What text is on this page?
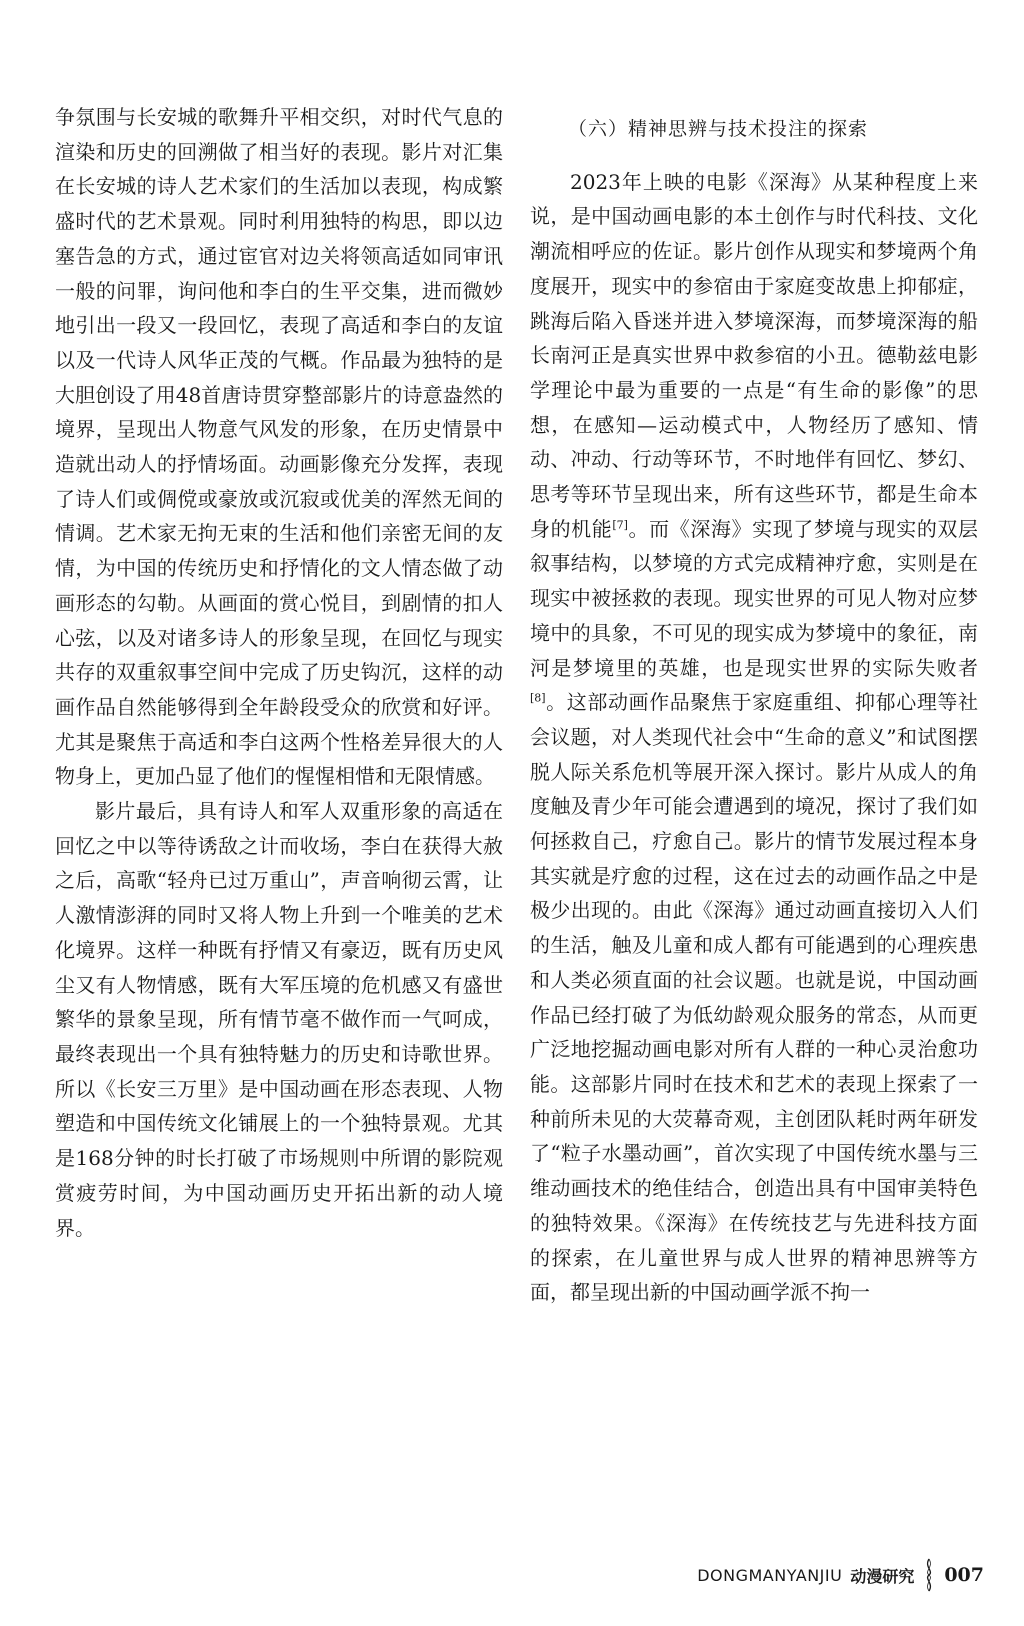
争氛围与长安城的歌舞升平相交织，对时代气息的渲染和历史的回溯做了相当好的表现。影片对汇集在长安城的诗人艺术家们的生活加以表现，构成繁盛时代的艺术景观。同时利用独特的构思，即以边塞告急的方式，通过宦官对边关将领高适如同审讯一般的问罪，询问他和李白的生平交集，进而微妙地引出一段又一段回忆，表现了高适和李白的友谊以及一代诗人风华正茂的气概。作品最为独特的是大胆创设了用48首唐诗贯穿整部影片的诗意盎然的境界，呈现出人物意气风发的形象，在历史情景中造就出动人的抒情场面。动画影像充分发挥，表现了诗人们或倜傥或豪放或沉寂或优美的浑然无间的情调。艺术家无拘无束的生活和他们亲密无间的友情，为中国的传统历史和抒情化的文人情态做了动画形态的勾勒。从画面的赏心悦目，到剧情的扣人心弦，以及对诸多诗人的形象呈现，在回忆与现实共存的双重叙事空间中完成了历史钩沉，这样的动画作品自然能够得到全年龄段受众的欣赏和好评。尤其是聚焦于高适和李白这两个性格差异很大的人物身上，更加凸显了他们的惺惺相惜和无限情感。

影片最后，具有诗人和军人双重形象的高适在回忆之中以等待诱敌之计而收场，李白在获得大赦之后，高歌“轻舟已过万重山”，声音响彻云霄，让人激情澎湃的同时又将人物上升到一个唯美的艺术化境界。这样一种既有抒情又有豪迈，既有历史风尘又有人物情感，既有大军压境的危机感又有盛世繁华的景象呈现，所有情节毫不做作而一气呵成，最终表现出一个具有独特魅力的历史和诗歌世界。所以《长安三万里》是中国动画在形态表现、人物塑造和中国传统文化铺展上的一个独特景观。尤其是168分钟的时长打破了市场规则中所谓的影院观赏疲劳时间，为中国动画历史开拓出新的动人境界。

（六）精神思辨与技术投注的探索

2023年上映的电影《深海》从某种程度上来说，是中国动画电影的本土创作与时代科技、文化潮流相呼应的佐证。影片创作从现实和梦境两个角度展开，现实中的参宿由于家庭变故患上抑郁症，跳海后陷入昏迷并进入梦境深海，而梦境深海的船长南河正是真实世界中救参宿的小丑。德勒兹电影学理论中最为重要的一点是“有生命的影像”的思想，在感知—运动模式中，人物经历了感知、情动、冲动、行动等环节，不时地伴有回忆、梦幻、思考等环节呈现出来，所有这些环节，都是生命本身的机能[7]。而《深海》实现了梦境与现实的双层叙事结构，以梦境的方式完成精神疗愈，实则是在现实中被拯救的表现。现实世界的可见人物对应梦境中的具象，不可见的现实成为梦境中的象征，南河是梦境里的英雄，也是现实世界的实际失败者[8]。这部动画作品聚焦于家庭重组、抑郁心理等社会议题，对人类现代社会中“生命的意义”和试图摆脱人际关系危机等展开深入探讨。影片从成人的角度触及青少年可能会遭遇到的境况，探讨了我们如何拯救自己，疗愈自己。影片的情节发展过程本身其实就是疗愈的过程，这在过去的动画作品之中是极少出现的。由此《深海》通过动画直接切入人们的生活，触及儿童和成人都有可能遇到的心理疾患和人类必须直面的社会议题。也就是说，中国动画作品已经打破了为低幼龄观众服务的常态，从而更广泛地挖掘动画电影对所有人群的一种心灵治愈功能。这部影片同时在技术和艺术的表现上探索了一种前所未见的大荧幕奇观，主创团队耗时两年研发了“粒子水墨动画”，首次实现了中国传统水墨与三维动画技术的绝佳结合，创造出具有中国审美特色的独特效果。《深海》在传统技艺与先进科技方面的探索，在儿童世界与成人世界的精神思辨等方面，都呈现出新的中国动画学派不拘一

DONGMANYANJIU 动漫研究 007
